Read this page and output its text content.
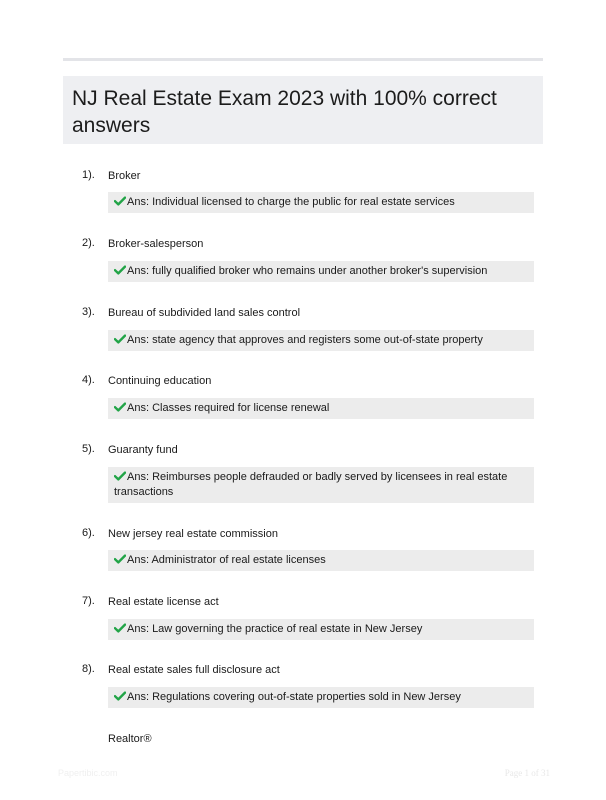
NJ Real Estate Exam 2023 with 100% correct answers
1). Broker
Ans: Individual licensed to charge the public for real estate services
2). Broker-salesperson
Ans: fully qualified broker who remains under another broker's supervision
3). Bureau of subdivided land sales control
Ans: state agency that approves and registers some out-of-state property
4). Continuing education
Ans: Classes required for license renewal
5). Guaranty fund
Ans: Reimburses people defrauded or badly served by licensees in real estate transactions
6). New jersey real estate commission
Ans: Administrator of real estate licenses
7). Real estate license act
Ans: Law governing the practice of real estate in New Jersey
8). Real estate sales full disclosure act
Ans: Regulations covering out-of-state properties sold in New Jersey
Realtor®
Papertibic.com	Page 1 of 31
